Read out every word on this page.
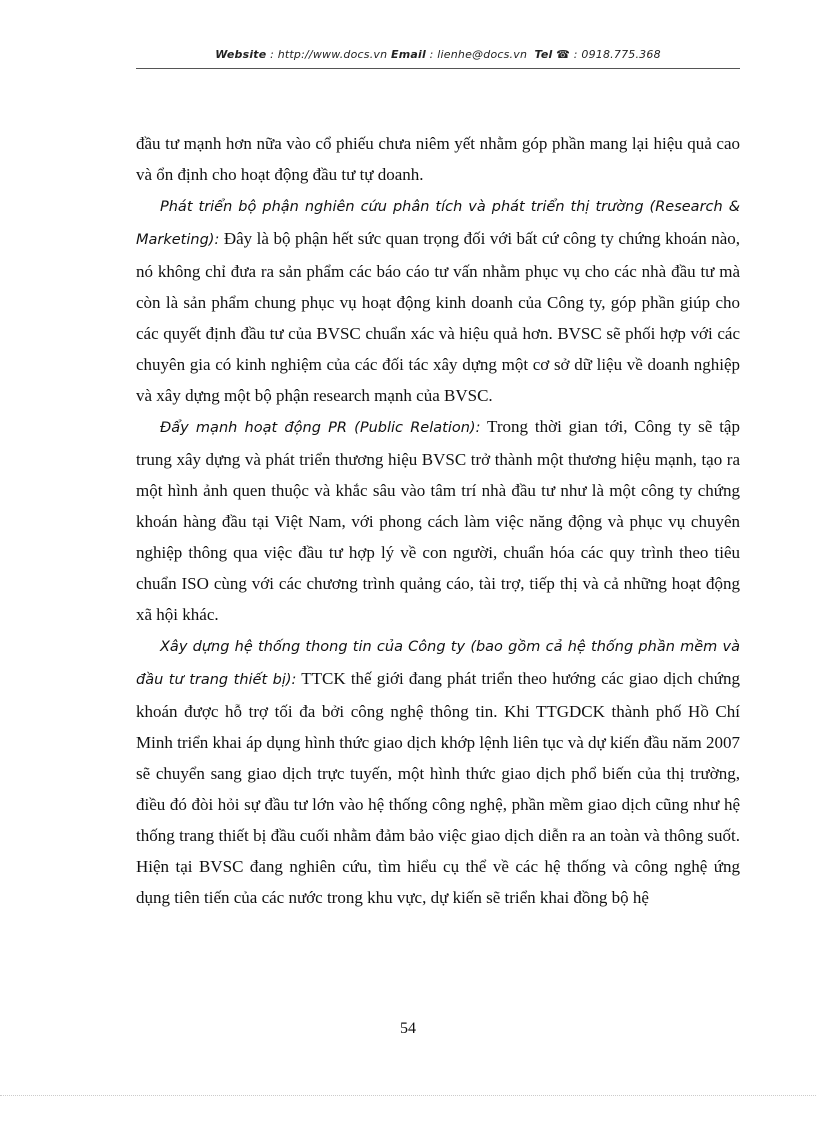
Website : http://www.docs.vn Email : lienhe@docs.vn Tel ☎ : 0918.775.368

đầu tư mạnh hơn nữa vào cổ phiếu chưa niêm yết nhằm góp phần mang lại hiệu quả cao và ổn định cho hoạt động đầu tư tự doanh.

Phát triển bộ phận nghiên cứu phân tích và phát triển thị trường (Research & Marketing): Đây là bộ phận hết sức quan trọng đối với bất cứ công ty chứng khoán nào, nó không chỉ đưa ra sản phẩm các báo cáo tư vấn nhằm phục vụ cho các nhà đầu tư mà còn là sản phẩm chung phục vụ hoạt động kinh doanh của Công ty, góp phần giúp cho các quyết định đầu tư của BVSC chuẩn xác và hiệu quả hơn. BVSC sẽ phối hợp với các chuyên gia có kinh nghiệm của các đối tác xây dựng một cơ sở dữ liệu về doanh nghiệp và xây dựng một bộ phận research mạnh của BVSC.

Đẩy mạnh hoạt động PR (Public Relation): Trong thời gian tới, Công ty sẽ tập trung xây dựng và phát triển thương hiệu BVSC trở thành một thương hiệu mạnh, tạo ra một hình ảnh quen thuộc và khắc sâu vào tâm trí nhà đầu tư như là một công ty chứng khoán hàng đầu tại Việt Nam, với phong cách làm việc năng động và phục vụ chuyên nghiệp thông qua việc đầu tư hợp lý về con người, chuẩn hóa các quy trình theo tiêu chuẩn ISO cùng với các chương trình quảng cáo, tài trợ, tiếp thị và cả những hoạt động xã hội khác.

Xây dựng hệ thống thong tin của Công ty (bao gồm cả hệ thống phần mềm và đầu tư trang thiết bị): TTCK thế giới đang phát triển theo hướng các giao dịch chứng khoán được hỗ trợ tối đa bởi công nghệ thông tin. Khi TTGDCK thành phố Hồ Chí Minh triển khai áp dụng hình thức giao dịch khớp lệnh liên tục và dự kiến đầu năm 2007 sẽ chuyển sang giao dịch trực tuyến, một hình thức giao dịch phổ biến của thị trường, điều đó đòi hỏi sự đầu tư lớn vào hệ thống công nghệ, phần mềm giao dịch cũng như hệ thống trang thiết bị đầu cuối nhằm đảm bảo việc giao dịch diễn ra an toàn và thông suốt. Hiện tại BVSC đang nghiên cứu, tìm hiểu cụ thể về các hệ thống và công nghệ ứng dụng tiên tiến của các nước trong khu vực, dự kiến sẽ triển khai đồng bộ hệ

54
